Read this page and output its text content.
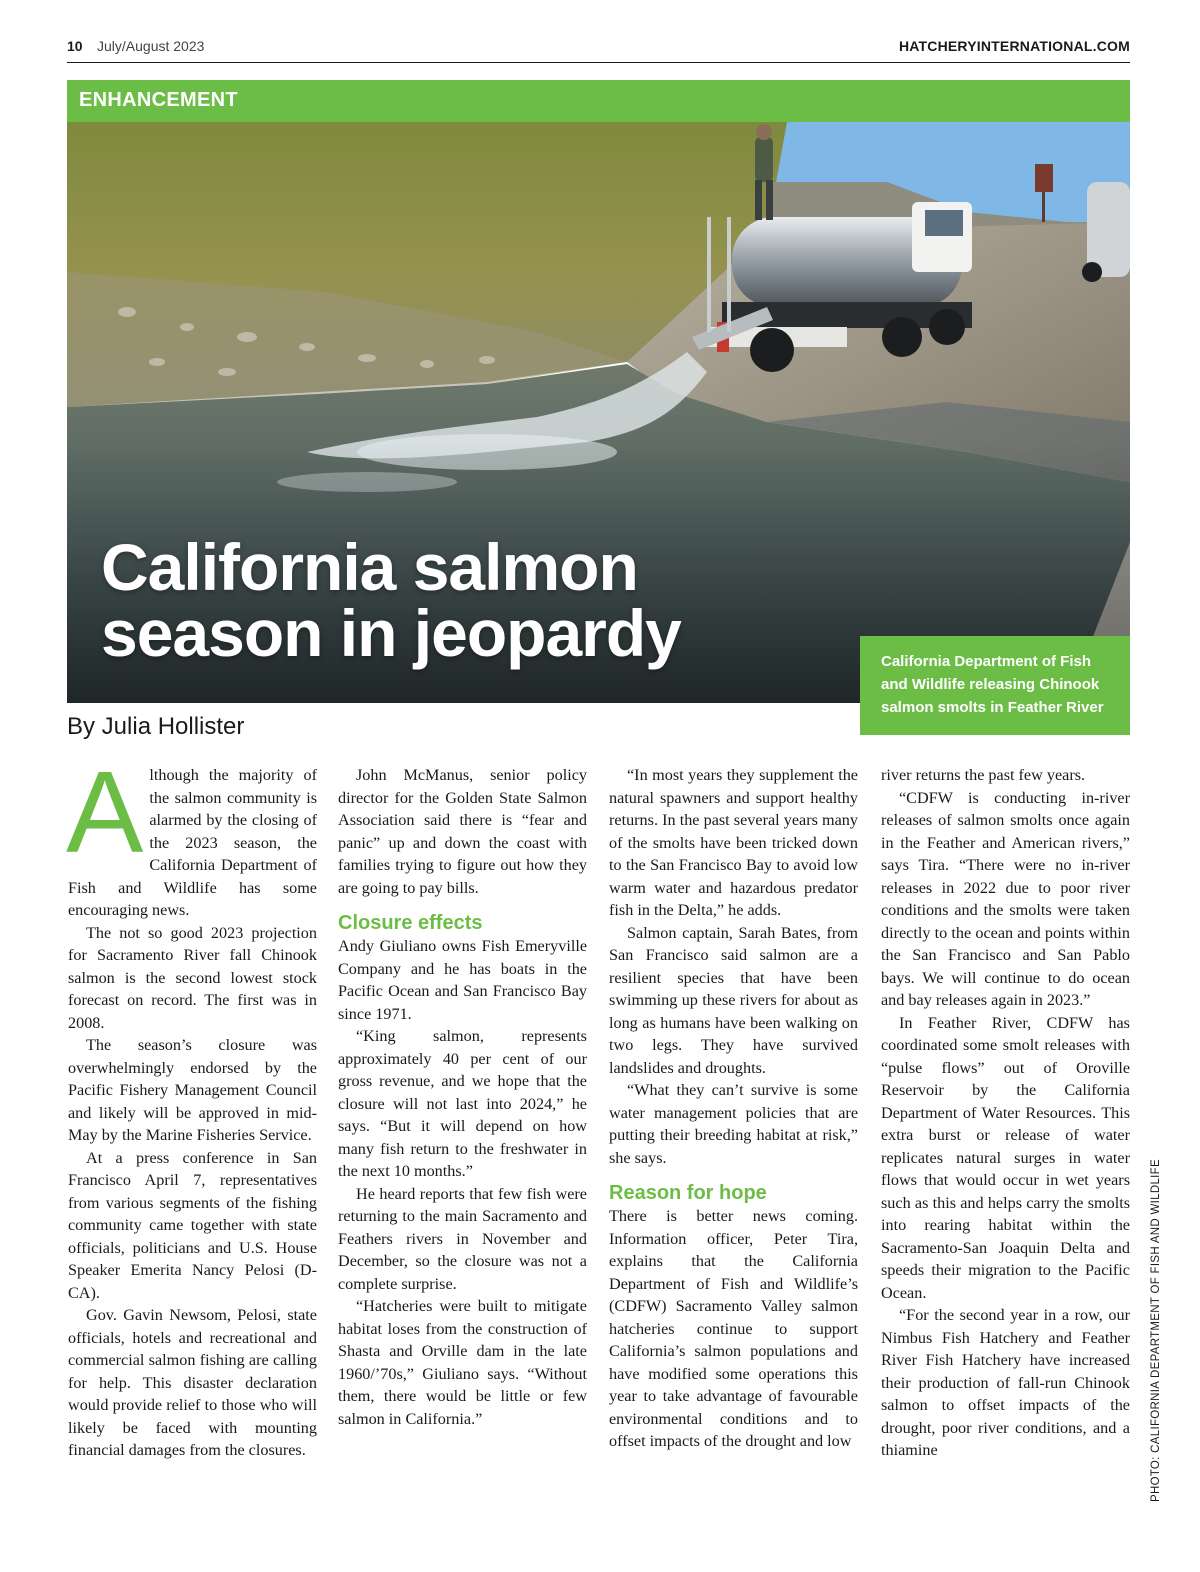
10 July/August 2023	HATCHERYINTERNATIONAL.COM
ENHANCEMENT
California salmon
season in jeopardy	California Department of Fish and Wildlife releasing Chinook salmon smolts in Feather River
By Julia Hollister

Although the majority of the salmon community is alarmed by the closing of the 2023 season, the California Department of Fish and Wildlife has some encouraging news.

The not so good 2023 projection for Sacramento River fall Chinook salmon is the second lowest stock forecast on record. The first was in 2008.

The season’s closure was overwhelmingly endorsed by the Pacific Fishery Management Council and likely will be approved in mid-May by the Marine Fisheries Service.

At a press conference in San Francisco April 7, representatives from various segments of the fishing community came together with state officials, politicians and U.S. House Speaker Emerita Nancy Pelosi (D-CA).

Gov. Gavin Newsom, Pelosi, state officials, hotels and recreational and commercial salmon fishing are calling for help. This disaster declaration would provide relief to those who will likely be faced with mounting financial damages from the closures.

John McManus, senior policy director for the Golden State Salmon Association said there is “fear and panic” up and down the coast with families trying to figure out how they are going to pay bills.

Closure effects

Andy Giuliano owns Fish Emeryville Company and he has boats in the Pacific Ocean and San Francisco Bay since 1971.

“King salmon, represents approximately 40 per cent of our gross revenue, and we hope that the closure will not last into 2024,” he says. “But it will depend on how many fish return to the freshwater in the next 10 months.”

He heard reports that few fish were returning to the main Sacramento and Feathers rivers in November and December, so the closure was not a complete surprise.

“Hatcheries were built to mitigate habitat loses from the construction of Shasta and Orville dam in the late 1960/’70s,” Giuliano says. “Without them, there would be little or few salmon in California.”

“In most years they supplement the natural spawners and support healthy returns. In the past several years many of the smolts have been tricked down to the San Francisco Bay to avoid low warm water and hazardous predator fish in the Delta,” he adds.

Salmon captain, Sarah Bates, from San Francisco said salmon are a resilient species that have been swimming up these rivers for about as long as humans have been walking on two legs. They have survived landslides and droughts.

“What they can’t survive is some water management policies that are putting their breeding habitat at risk,” she says.

Reason for hope

There is better news coming. Information officer, Peter Tira, explains that the California Department of Fish and Wildlife’s (CDFW) Sacramento Valley salmon hatcheries continue to support California’s salmon populations and have modified some operations this year to take advantage of favourable environmental conditions and to offset impacts of the drought and low

river returns the past few years.

“CDFW is conducting in-river releases of salmon smolts once again in the Feather and American rivers,” says Tira. “There were no in-river releases in 2022 due to poor river conditions and the smolts were taken directly to the ocean and points within the San Francisco and San Pablo bays. We will continue to do ocean and bay releases again in 2023.”

In Feather River, CDFW has coordinated some smolt releases with “pulse flows” out of Oroville Reservoir by the California Department of Water Resources. This extra burst or release of water replicates natural surges in water flows that would occur in wet years such as this and helps carry the smolts into rearing habitat within the Sacramento-San Joaquin Delta and speeds their migration to the Pacific Ocean.

“For the second year in a row, our Nimbus Fish Hatchery and Feather River Fish Hatchery have increased their production of fall-run Chinook salmon to offset impacts of the drought, poor river conditions, and a thiamine	PHOTO: CALIFORNIA DEPARTMENT OF FISH AND WILDLIFE
